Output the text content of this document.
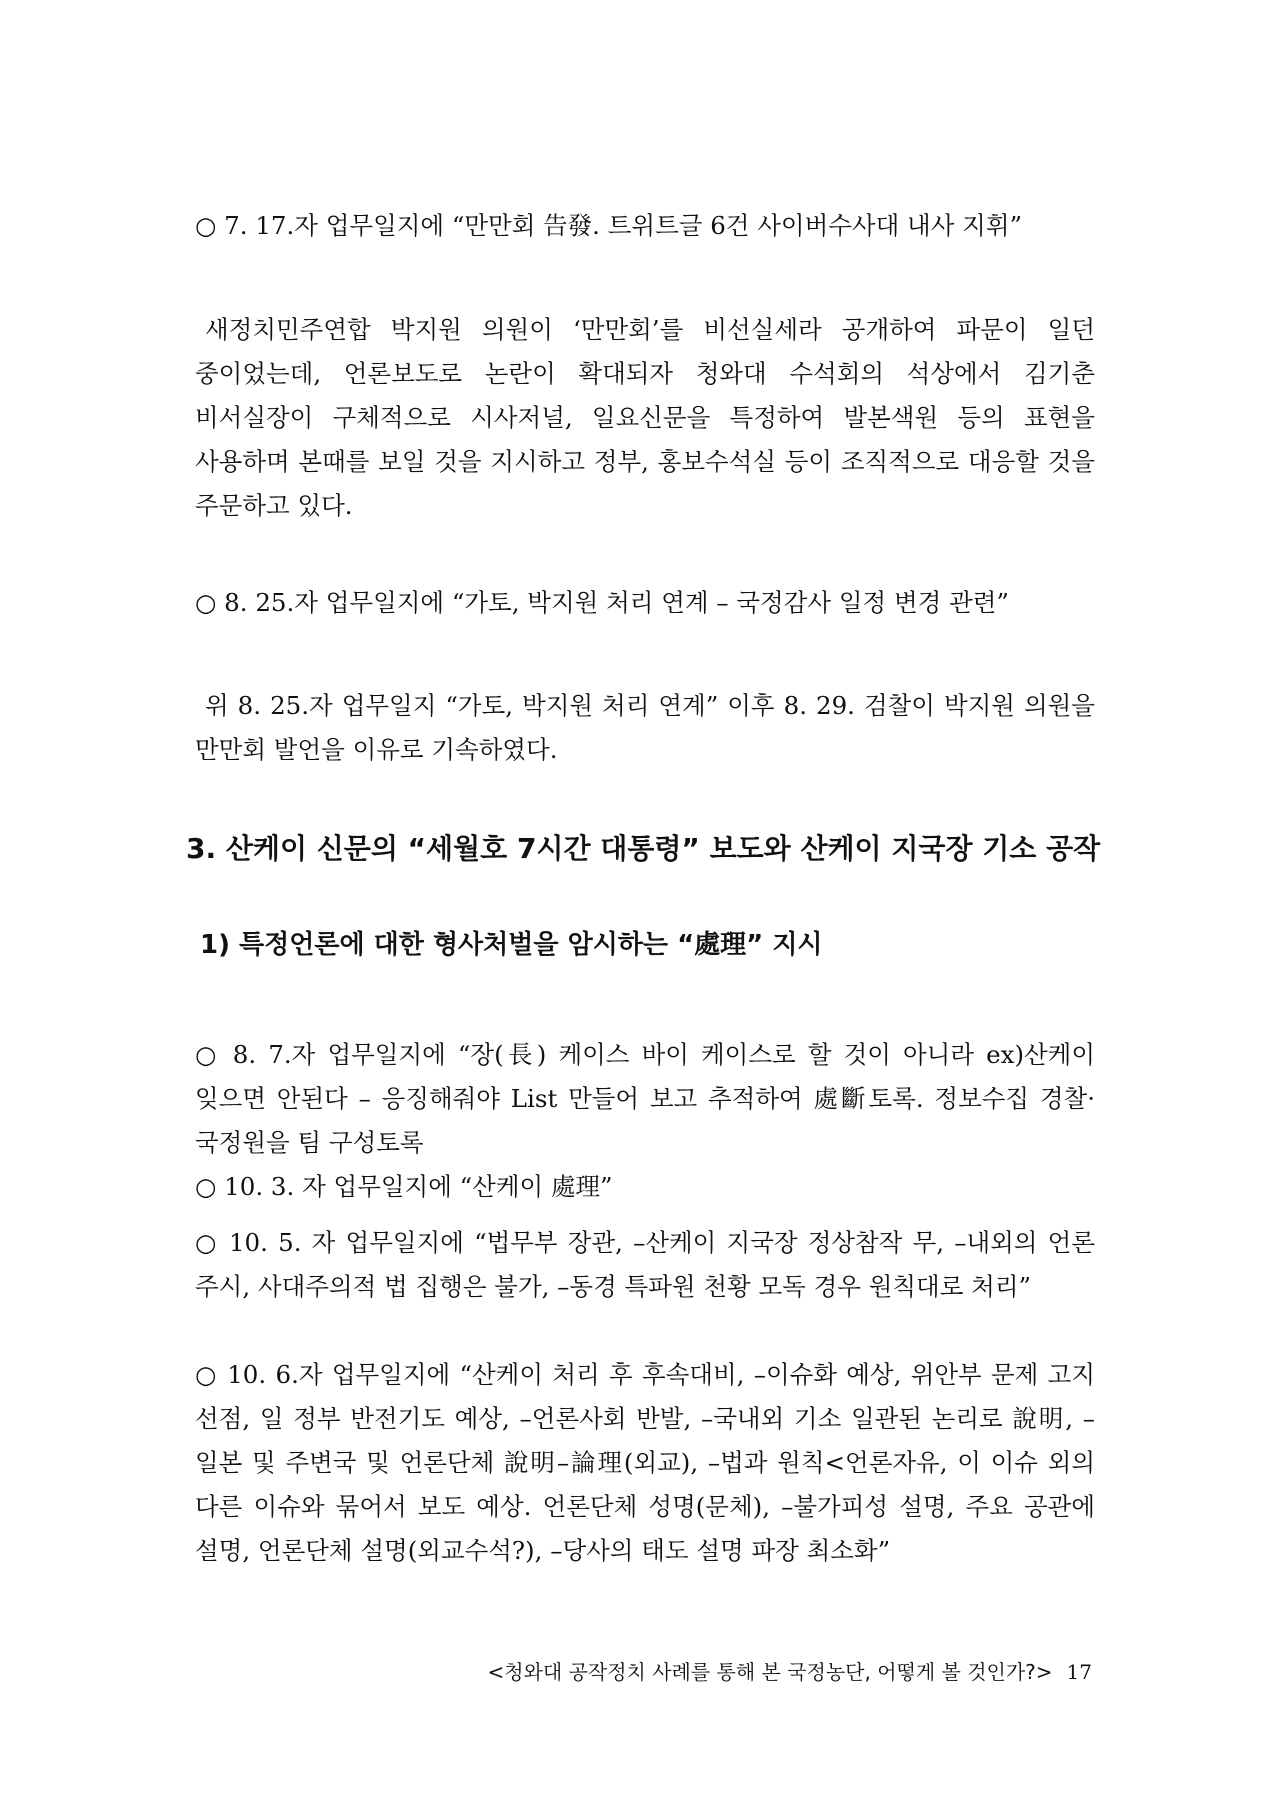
○ 7. 17.자 업무일지에 “만만회 告發. 트위트글 6건 사이버수사대 내사 지휘”

새정치민주연합 박지원 의원이 ‘만만회’를 비선실세라 공개하여 파문이 일던 중이었는데, 언론보도로 논란이 확대되자 청와대 수석회의 석상에서 김기춘 비서실장이 구체적으로 시사저널, 일요신문을 특정하여 발본색원 등의 표현을 사용하며 본때를 보일 것을 지시하고 정부, 홍보수석실 등이 조직적으로 대응할 것을 주문하고 있다.

○ 8. 25.자 업무일지에 “가토, 박지원 처리 연계 – 국정감사 일정 변경 관련”

위 8. 25.자 업무일지 “가토, 박지원 처리 연계” 이후 8. 29. 검찰이 박지원 의원을 만만회 발언을 이유로 기속하였다.

3. 산케이 신문의 “세월호 7시간 대통령” 보도와 산케이 지국장 기소 공작
1) 특정언론에 대한 형사처벌을 암시하는 “處理” 지시

○ 8. 7.자 업무일지에 “장(長) 케이스 바이 케이스로 할 것이 아니라 ex)산케이 잊으면 안된다 – 응징해줘야 List 만들어 보고 추적하여 處斷토록. 정보수집 경찰·국정원을 팀 구성토록

○ 10. 3. 자 업무일지에 “산케이 處理”

○ 10. 5. 자 업무일지에 “법무부 장관, –산케이 지국장 정상참작 무, –내외의 언론 주시, 사대주의적 법 집행은 불가, –동경 특파원 천황 모독 경우 원칙대로 처리”

○ 10. 6.자 업무일지에 “산케이 처리 후 후속대비, –이슈화 예상, 위안부 문제 고지 선점, 일 정부 반전기도 예상, –언론사회 반발, –국내외 기소 일관된 논리로 說明, –일본 및 주변국 및 언론단체 說明–論理(외교), –법과 원칙<언론자유, 이 이슈 외의 다른 이슈와 묶어서 보도 예상. 언론단체 성명(문체), –불가피성 설명, 주요 공관에 설명, 언론단체 설명(외교수석?), –당사의 태도 설명 파장 최소화”

<청와대 공작정치 사례를 통해 본 국정농단, 어떻게 볼 것인가?> 17
